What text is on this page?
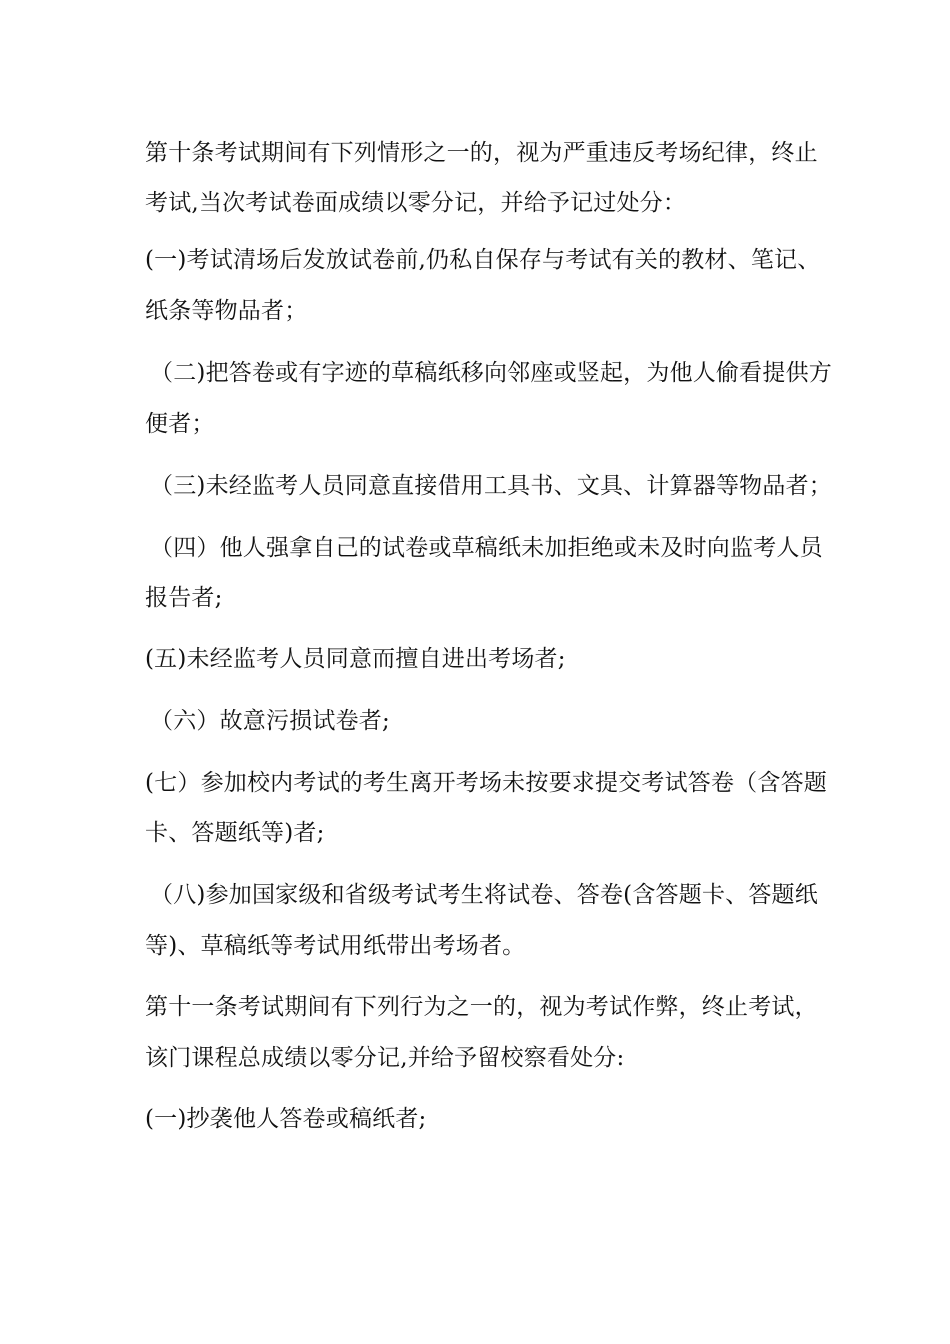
第十条考试期间有下列情形之一的，视为严重违反考场纪律，终止
考试,当次考试卷面成绩以零分记，并给予记过处分：
(一)考试清场后发放试卷前,仍私自保存与考试有关的教材、笔记、
纸条等物品者；
（二)把答卷或有字迹的草稿纸移向邻座或竖起，为他人偷看提供方
便者；
（三)未经监考人员同意直接借用工具书、文具、计算器等物品者；
（四）他人强拿自己的试卷或草稿纸未加拒绝或未及时向监考人员
报告者;
(五)未经监考人员同意而擅自进出考场者;
（六）故意污损试卷者;
(七）参加校内考试的考生离开考场未按要求提交考试答卷（含答题
卡、答题纸等)者;
（八)参加国家级和省级考试考生将试卷、答卷(含答题卡、答题纸
等)、草稿纸等考试用纸带出考场者。
第十一条考试期间有下列行为之一的，视为考试作弊，终止考试，
该门课程总成绩以零分记,并给予留校察看处分:
(一)抄袭他人答卷或稿纸者;
